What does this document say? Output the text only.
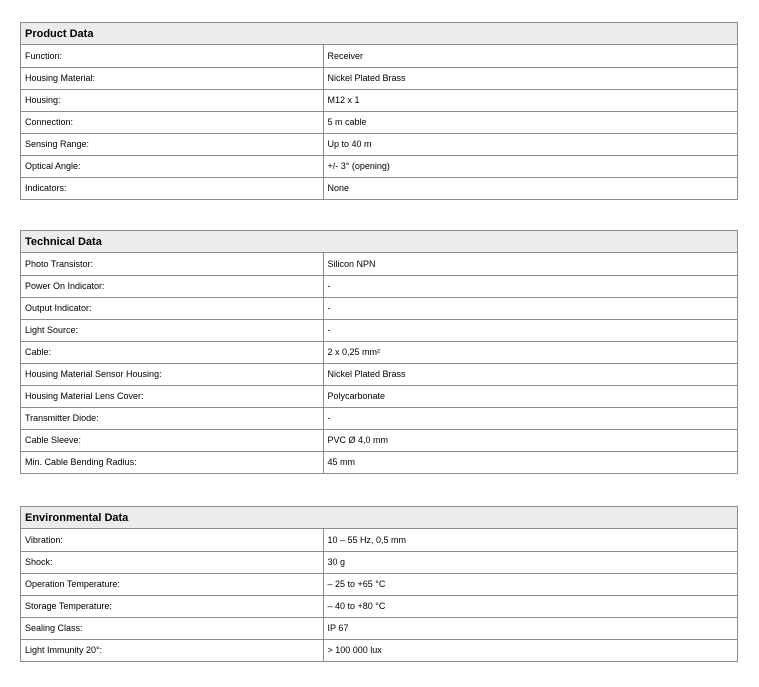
Product Data
Function:	Receiver
Housing Material:	Nickel Plated Brass
Housing:	M12 x 1
Connection:	5 m cable
Sensing Range:	Up to 40 m
Optical Angle:	+/- 3° (opening)
Indicators:	None
Technical Data
Photo Transistor:	Silicon NPN
Power On Indicator:	-
Output Indicator:	-
Light Source:	-
Cable:	2 x 0,25 mm²
Housing Material Sensor Housing:	Nickel Plated Brass
Housing Material Lens Cover:	Polycarbonate
Transmitter Diode:	-
Cable Sleeve:	PVC Ø 4,0 mm
Min. Cable Bending Radius:	45 mm
Environmental Data
Vibration:	10 – 55 Hz, 0,5 mm
Shock:	30 g
Operation Temperature:	– 25 to +65 °C
Storage Temperature:	– 40 to +80 °C
Sealing Class:	IP 67
Light Immunity 20°:	> 100 000 lux
